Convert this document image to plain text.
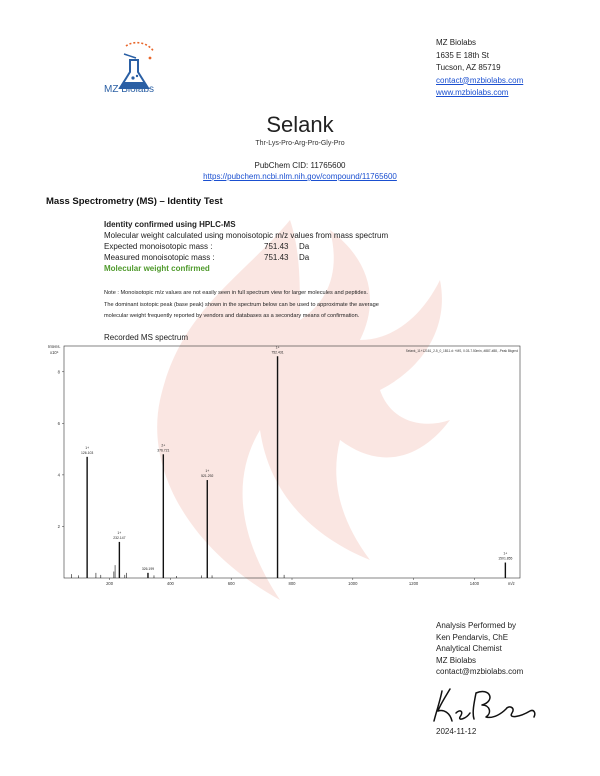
MZ Biolabs
MZ Biolabs
1635 E 18th St
Tucson, AZ 85719
contact@mzbiolabs.com
www.mzbiolabs.com
Selank
Thr-Lys-Pro-Arg-Pro-Gly-Pro
PubChem CID: 11765600
https://pubchem.ncbi.nlm.nih.gov/compound/11765600
Mass Spectrometry (MS) – Identity Test
Identity confirmed using HPLC-MS
Molecular weight calculated using monoisotopic m/z values from mass spectrum
Expected monoisotopic mass :	751.43 Da
Measured monoisotopic mass :	751.43 Da
Molecular weight confirmed
Note : Monoisotopic m/z values are not easily seen in full spectrum view for larger molecules and peptides.
The dominant isotopic peak (base peak) shown in the spectrum below can be used to approximate the average
molecular weight frequently reported by vendors and databases as a secondary means of confirmation.
Recorded MS spectrum
Selank_11+12161_2-5_0_1B11.d: +MS, 0.03-7.50min, #887-#88, -Peak Bkgrnd
Intens.
x10⁵
m/z
2
4
6
8
200	400	600	800	1000	1200	1400
1+
126.103
1+
232.147
2+
376.721
326.199
1+
521.292
1+
752.431
1+
1501.855
Analysis Performed by
Ken Pendarvis, ChE
Analytical Chemist
MZ Biolabs
contact@mzbiolabs.com
2024-11-12
